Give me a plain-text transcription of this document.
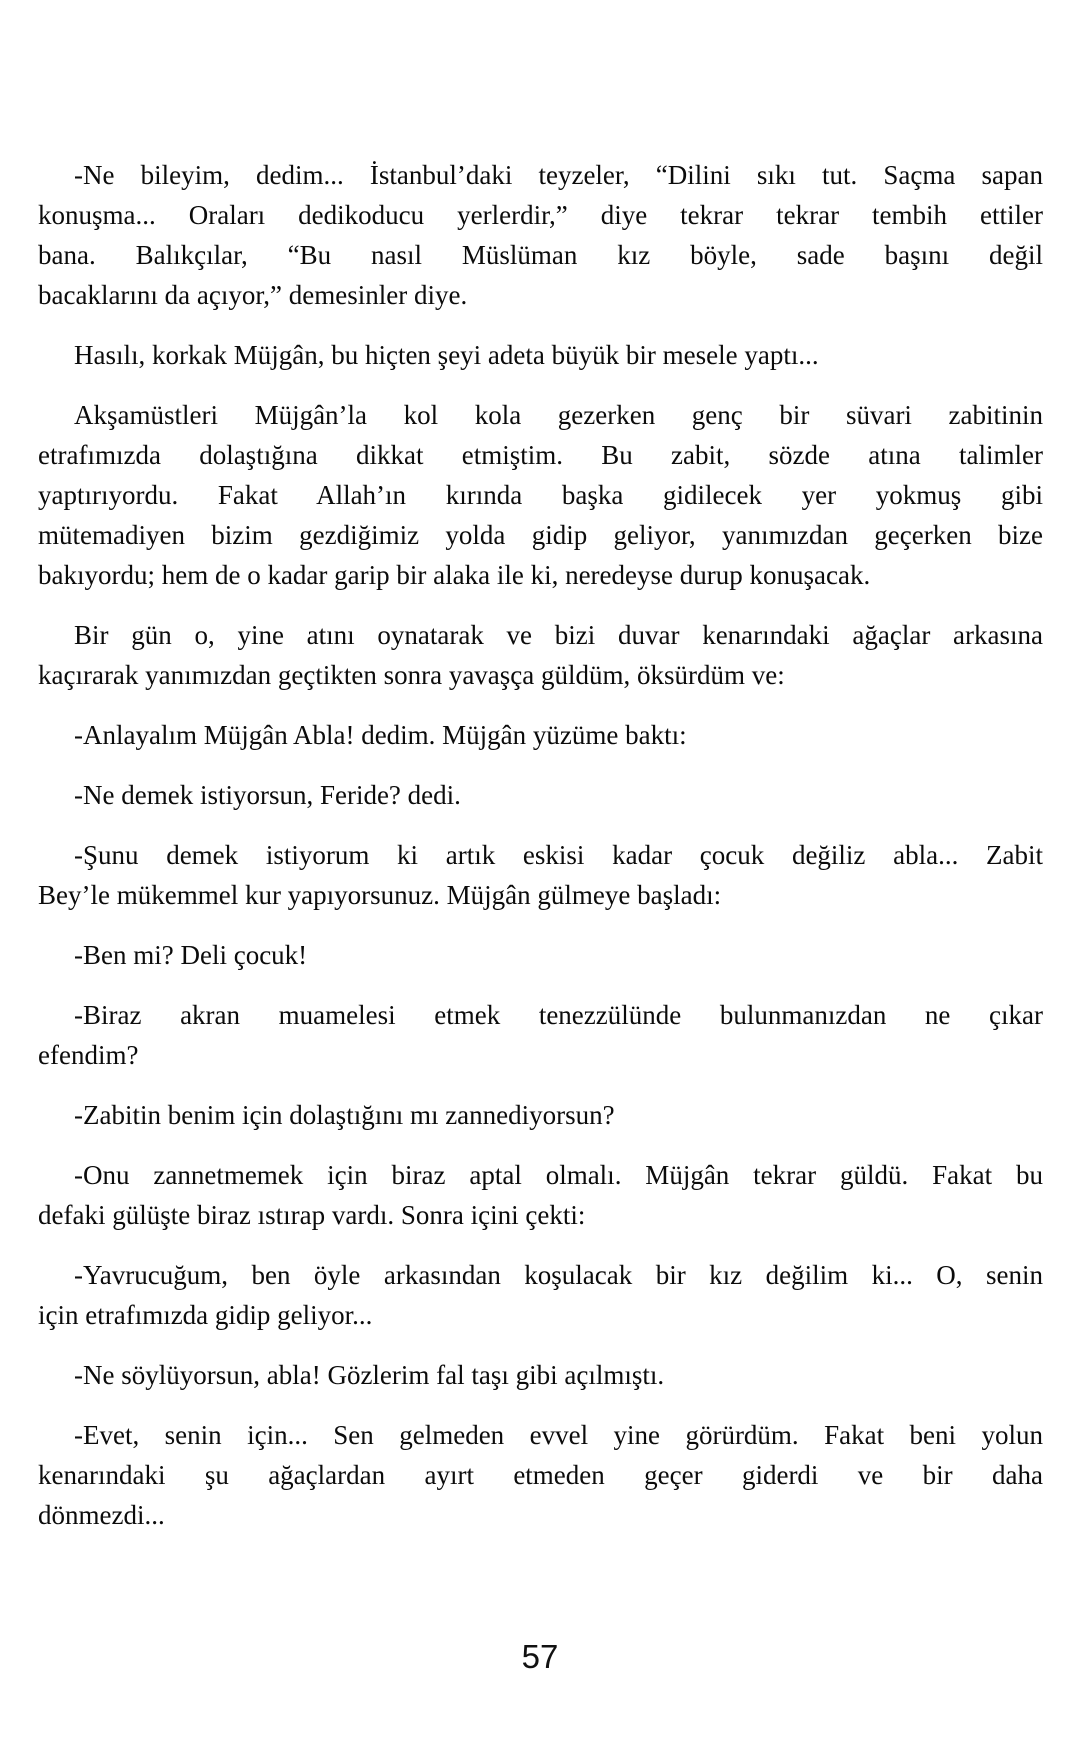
-Ne bileyim, dedim... İstanbul’daki teyzeler, “Dilini sıkı tut. Saçma sapan
konuşma... Oraları dedikoducu yerlerdir,” diye tekrar tekrar tembih ettiler
bana. Balıkçılar, “Bu nasıl Müslüman kız böyle, sade başını değil
bacaklarını da açıyor,” demesinler diye.

Hasılı, korkak Müjgân, bu hiçten şeyi adeta büyük bir mesele yaptı...

Akşamüstleri Müjgân’la kol kola gezerken genç bir süvari zabitinin
etrafımızda dolaştığına dikkat etmiştim. Bu zabit, sözde atına talimler
yaptırıyordu. Fakat Allah’ın kırında başka gidilecek yer yokmuş gibi
mütemadiyen bizim gezdiğimiz yolda gidip geliyor, yanımızdan geçerken bize
bakıyordu; hem de o kadar garip bir alaka ile ki, neredeyse durup konuşacak.

Bir gün o, yine atını oynatarak ve bizi duvar kenarındaki ağaçlar arkasına
kaçırarak yanımızdan geçtikten sonra yavaşça güldüm, öksürdüm ve:

-Anlayalım Müjgân Abla! dedim. Müjgân yüzüme baktı:

-Ne demek istiyorsun, Feride? dedi.

-Şunu demek istiyorum ki artık eskisi kadar çocuk değiliz abla... Zabit
Bey’le mükemmel kur yapıyorsunuz. Müjgân gülmeye başladı:

-Ben mi? Deli çocuk!

-Biraz akran muamelesi etmek tenezzülünde bulunmanızdan ne çıkar
efendim?

-Zabitin benim için dolaştığını mı zannediyorsun?

-Onu zannetmemek için biraz aptal olmalı. Müjgân tekrar güldü. Fakat bu
defaki gülüşte biraz ıstırap vardı. Sonra içini çekti:

-Yavrucuğum, ben öyle arkasından koşulacak bir kız değilim ki... O, senin
için etrafımızda gidip geliyor...

-Ne söylüyorsun, abla! Gözlerim fal taşı gibi açılmıştı.

-Evet, senin için... Sen gelmeden evvel yine görürdüm. Fakat beni yolun
kenarındaki şu ağaçlardan ayırt etmeden geçer giderdi ve bir daha
dönmezdi...

57
